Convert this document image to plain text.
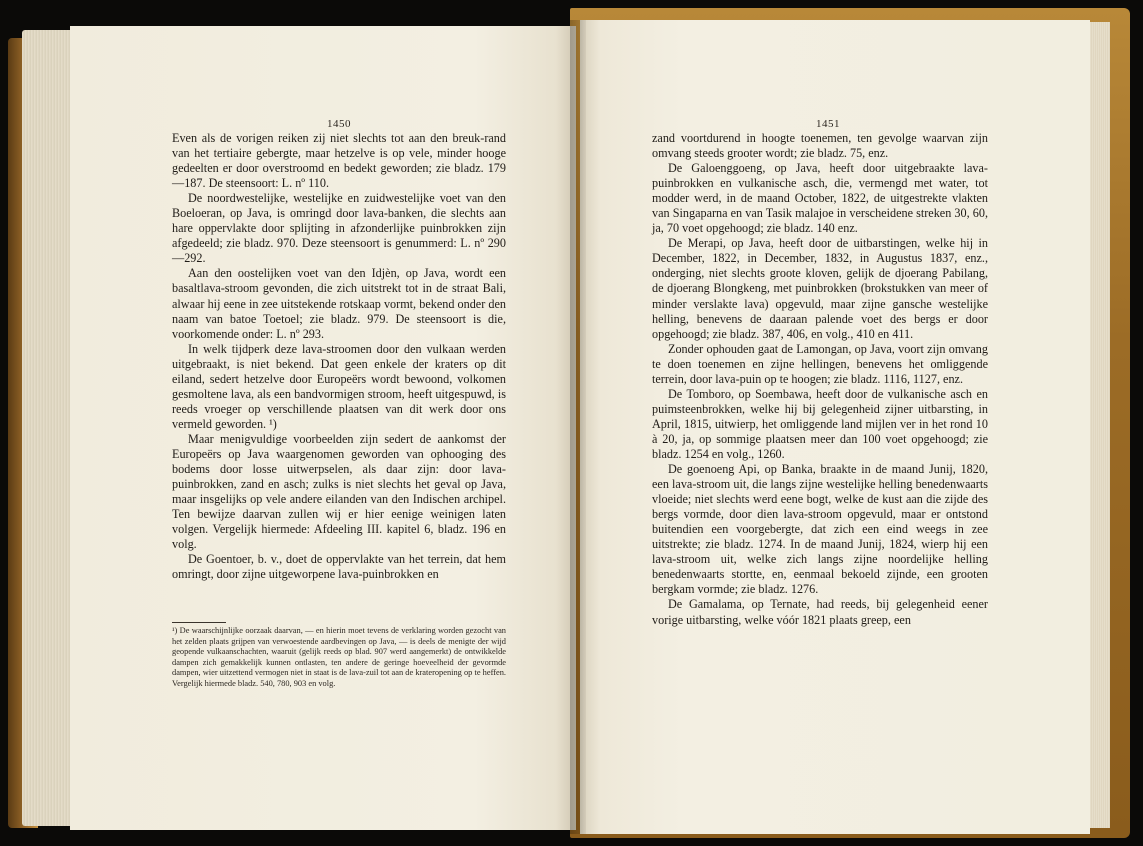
1450	1451

Even als de vorigen reiken zij niet slechts tot aan den breuk-rand van het tertiaire gebergte, maar hetzelve is op vele, minder hooge gedeelten er door overstroomd en bedekt geworden; zie bladz. 179—187. De steensoort: L. nº 110.

De noordwestelijke, westelijke en zuidwestelijke voet van den Boeloeran, op Java, is omringd door lava-banken, die slechts aan hare oppervlakte door splijting in afzonderlijke puinbrokken zijn afgedeeld; zie bladz. 970. Deze steensoort is genummerd: L. nº 290—292.

Aan den oostelijken voet van den Idjèn, op Java, wordt een basaltlava-stroom gevonden, die zich uitstrekt tot in de straat Bali, alwaar hij eene in zee uitstekende rotskaap vormt, bekend onder den naam van batoe Toetoel; zie bladz. 979. De steensoort is die, voorkomende onder: L. nº 293.

In welk tijdperk deze lava-stroomen door den vulkaan werden uitgebraakt, is niet bekend. Dat geen enkele der kraters op dit eiland, sedert hetzelve door Europeërs wordt bewoond, volkomen gesmoltene lava, als een bandvormigen stroom, heeft uitgespuwd, is reeds vroeger op verschillende plaatsen van dit werk door ons vermeld geworden. ¹)

Maar menigvuldige voorbeelden zijn sedert de aankomst der Europeërs op Java waargenomen geworden van ophooging des bodems door losse uitwerpselen, als daar zijn: door lava-puinbrokken, zand en asch; zulks is niet slechts het geval op Java, maar insgelijks op vele andere eilanden van den Indischen archipel. Ten bewijze daarvan zullen wij er hier eenige weinigen laten volgen. Vergelijk hiermede: Afdeeling III. kapitel 6, bladz. 196 en volg.

De Goentoer, b. v., doet de oppervlakte van het terrein, dat hem omringt, door zijne uitgeworpene lava-puinbrokken en

¹) De waarschijnlijke oorzaak daarvan, — en hierin moet tevens de verklaring worden gezocht van het zelden plaats grijpen van verwoestende aardbevingen op Java, — is deels de menigte der wijd geopende vulkaanschachten, waaruit (gelijk reeds op blad. 907 werd aangemerkt) de ontwikkelde dampen zich gemakkelijk kunnen ontlasten, ten andere de geringe hoeveelheid der gevormde dampen, wier uitzettend vermogen niet in staat is de lava-zuil tot aan de krateropening op te heffen. Vergelijk hiermede bladz. 540, 780, 903 en volg.

zand voortdurend in hoogte toenemen, ten gevolge waarvan zijn omvang steeds grooter wordt; zie bladz. 75, enz.

De Galoenggoeng, op Java, heeft door uitgebraakte lava-puinbrokken en vulkanische asch, die, vermengd met water, tot modder werd, in de maand October, 1822, de uitgestrekte vlakten van Singaparna en van Tasik malajoe in verscheidene streken 30, 60, ja, 70 voet opgehoogd; zie bladz. 140 enz.

De Merapi, op Java, heeft door de uitbarstingen, welke hij in December, 1822, in December, 1832, in Augustus 1837, enz., onderging, niet slechts groote kloven, gelijk de djoerang Pabilang, de djoerang Blongkeng, met puinbrokken (brokstukken van meer of minder verslakte lava) opgevuld, maar zijne gansche westelijke helling, benevens de daaraan palende voet des bergs er door opgehoogd; zie bladz. 387, 406, en volg., 410 en 411.

Zonder ophouden gaat de Lamongan, op Java, voort zijn omvang te doen toenemen en zijne hellingen, benevens het omliggende terrein, door lava-puin op te hoogen; zie bladz. 1116, 1127, enz.

De Tomboro, op Soembawa, heeft door de vulkanische asch en puimsteenbrokken, welke hij bij gelegenheid zijner uitbarsting, in April, 1815, uitwierp, het omliggende land mijlen ver in het rond 10 à 20, ja, op sommige plaatsen meer dan 100 voet opgehoogd; zie bladz. 1254 en volg., 1260.

De goenoeng Api, op Banka, braakte in de maand Junij, 1820, een lava-stroom uit, die langs zijne westelijke helling benedenwaarts vloeide; niet slechts werd eene bogt, welke de kust aan die zijde des bergs vormde, door dien lava-stroom opgevuld, maar er ontstond buitendien een voorgebergte, dat zich een eind weegs in zee uitstrekte; zie bladz. 1274. In de maand Junij, 1824, wierp hij een lava-stroom uit, welke zich langs zijne noordelijke helling benedenwaarts stortte, en, eenmaal bekoeld zijnde, een grooten bergkam vormde; zie bladz. 1276.

De Gamalama, op Ternate, had reeds, bij gelegenheid eener vorige uitbarsting, welke vóór 1821 plaats greep, een
